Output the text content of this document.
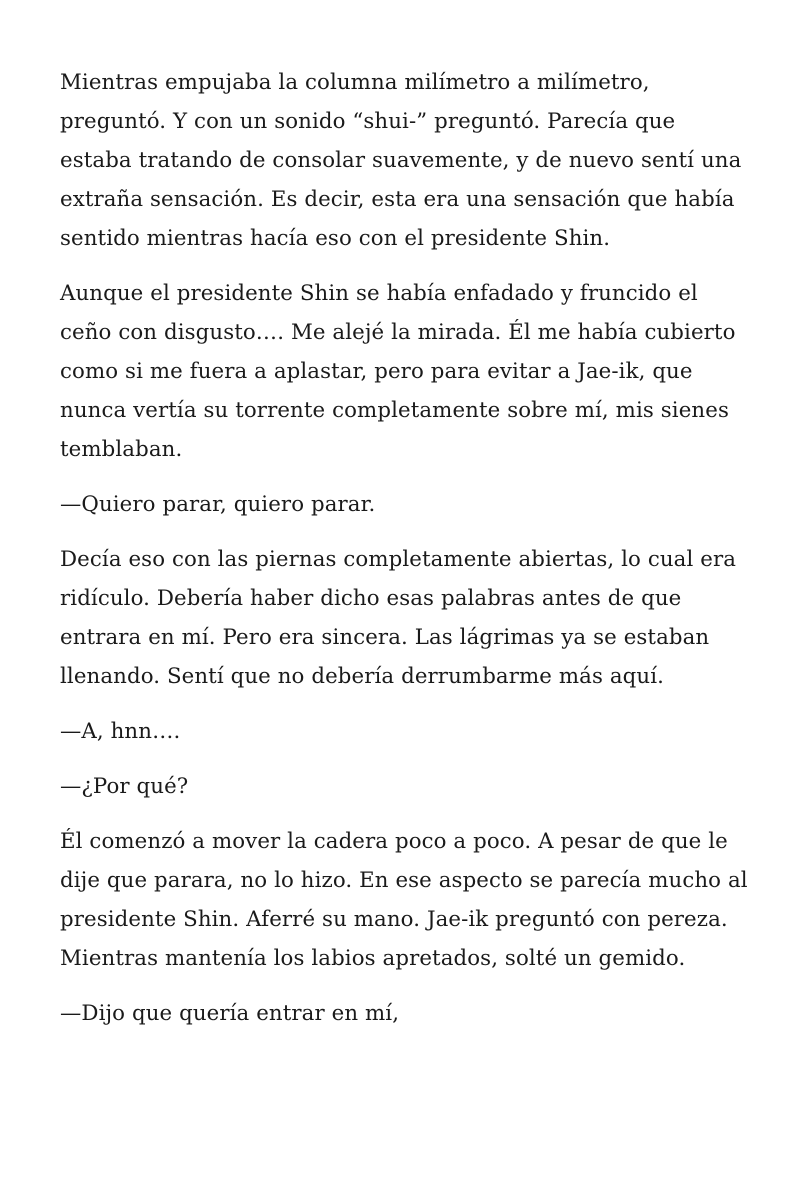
Mientras empujaba la columna milímetro a milímetro, preguntó. Y con un sonido “shui-” preguntó. Parecía que estaba tratando de consolar suavemente, y de nuevo sentí una extraña sensación. Es decir, esta era una sensación que había sentido mientras hacía eso con el presidente Shin.

Aunque el presidente Shin se había enfadado y fruncido el ceño con disgusto…. Me alejé la mirada. Él me había cubierto como si me fuera a aplastar, pero para evitar a Jae-ik, que nunca vertía su torrente completamente sobre mí, mis sienes temblaban.

—Quiero parar, quiero parar.

Decía eso con las piernas completamente abiertas, lo cual era ridículo. Debería haber dicho esas palabras antes de que entrara en mí. Pero era sincera. Las lágrimas ya se estaban llenando. Sentí que no debería derrumbarme más aquí.

—A, hnn….

—¿Por qué?

Él comenzó a mover la cadera poco a poco. A pesar de que le dije que parara, no lo hizo. En ese aspecto se parecía mucho al presidente Shin. Aferré su mano. Jae-ik preguntó con pereza. Mientras mantenía los labios apretados, solté un gemido.

—Dijo que quería entrar en mí,
